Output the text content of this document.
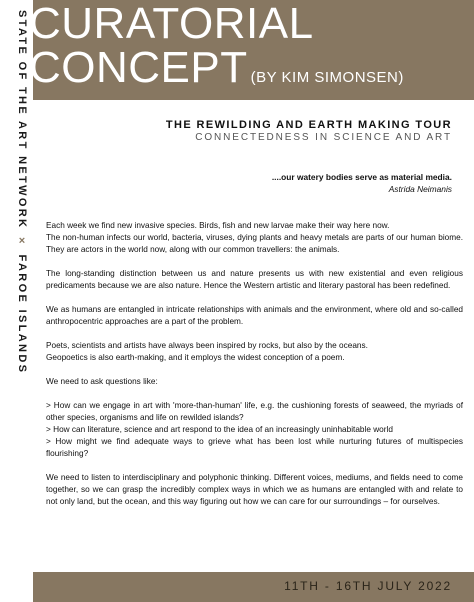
STATE OF THE ART NETWORK × FAROE ISLANDS
CURATORIAL
CONCEPT (BY KIM SIMONSEN)
THE REWILDING AND EARTH MAKING TOUR
CONNECTEDNESS IN SCIENCE AND ART
....our watery bodies serve as material media.
Astrida Neimanis

Each week we find new invasive species. Birds, fish and new larvae make their way here now.
The non-human infects our world, bacteria, viruses, dying plants and heavy metals are parts of our human biome. They are actors in the world now, along with our common travellers: the animals.

The long-standing distinction between us and nature presents us with new existential and even religious predicaments because we are also nature. Hence the Western artistic and literary pastoral has been redefined.

We as humans are entangled in intricate relationships with animals and the environment, where old and so-called anthropocentric approaches are a part of the problem.

Poets, scientists and artists have always been inspired by rocks, but also by the oceans.
Geopoetics is also earth-making, and it employs the widest conception of a poem.

We need to ask questions like:

> How can we engage in art with 'more-than-human' life, e.g. the cushioning forests of seaweed, the myriads of other species, organisms and life on rewilded islands?
> How can literature, science and art respond to the idea of an increasingly uninhabitable world
> How might we find adequate ways to grieve what has been lost while nurturing futures of multispecies flourishing?

We need to listen to interdisciplinary and polyphonic thinking. Different voices, mediums, and fields need to come together, so we can grasp the incredibly complex ways in which we as humans are entangled with and relate to not only land, but the ocean, and this way figuring out how we can care for our surroundings – for ourselves.

11TH - 16TH JULY 2022
